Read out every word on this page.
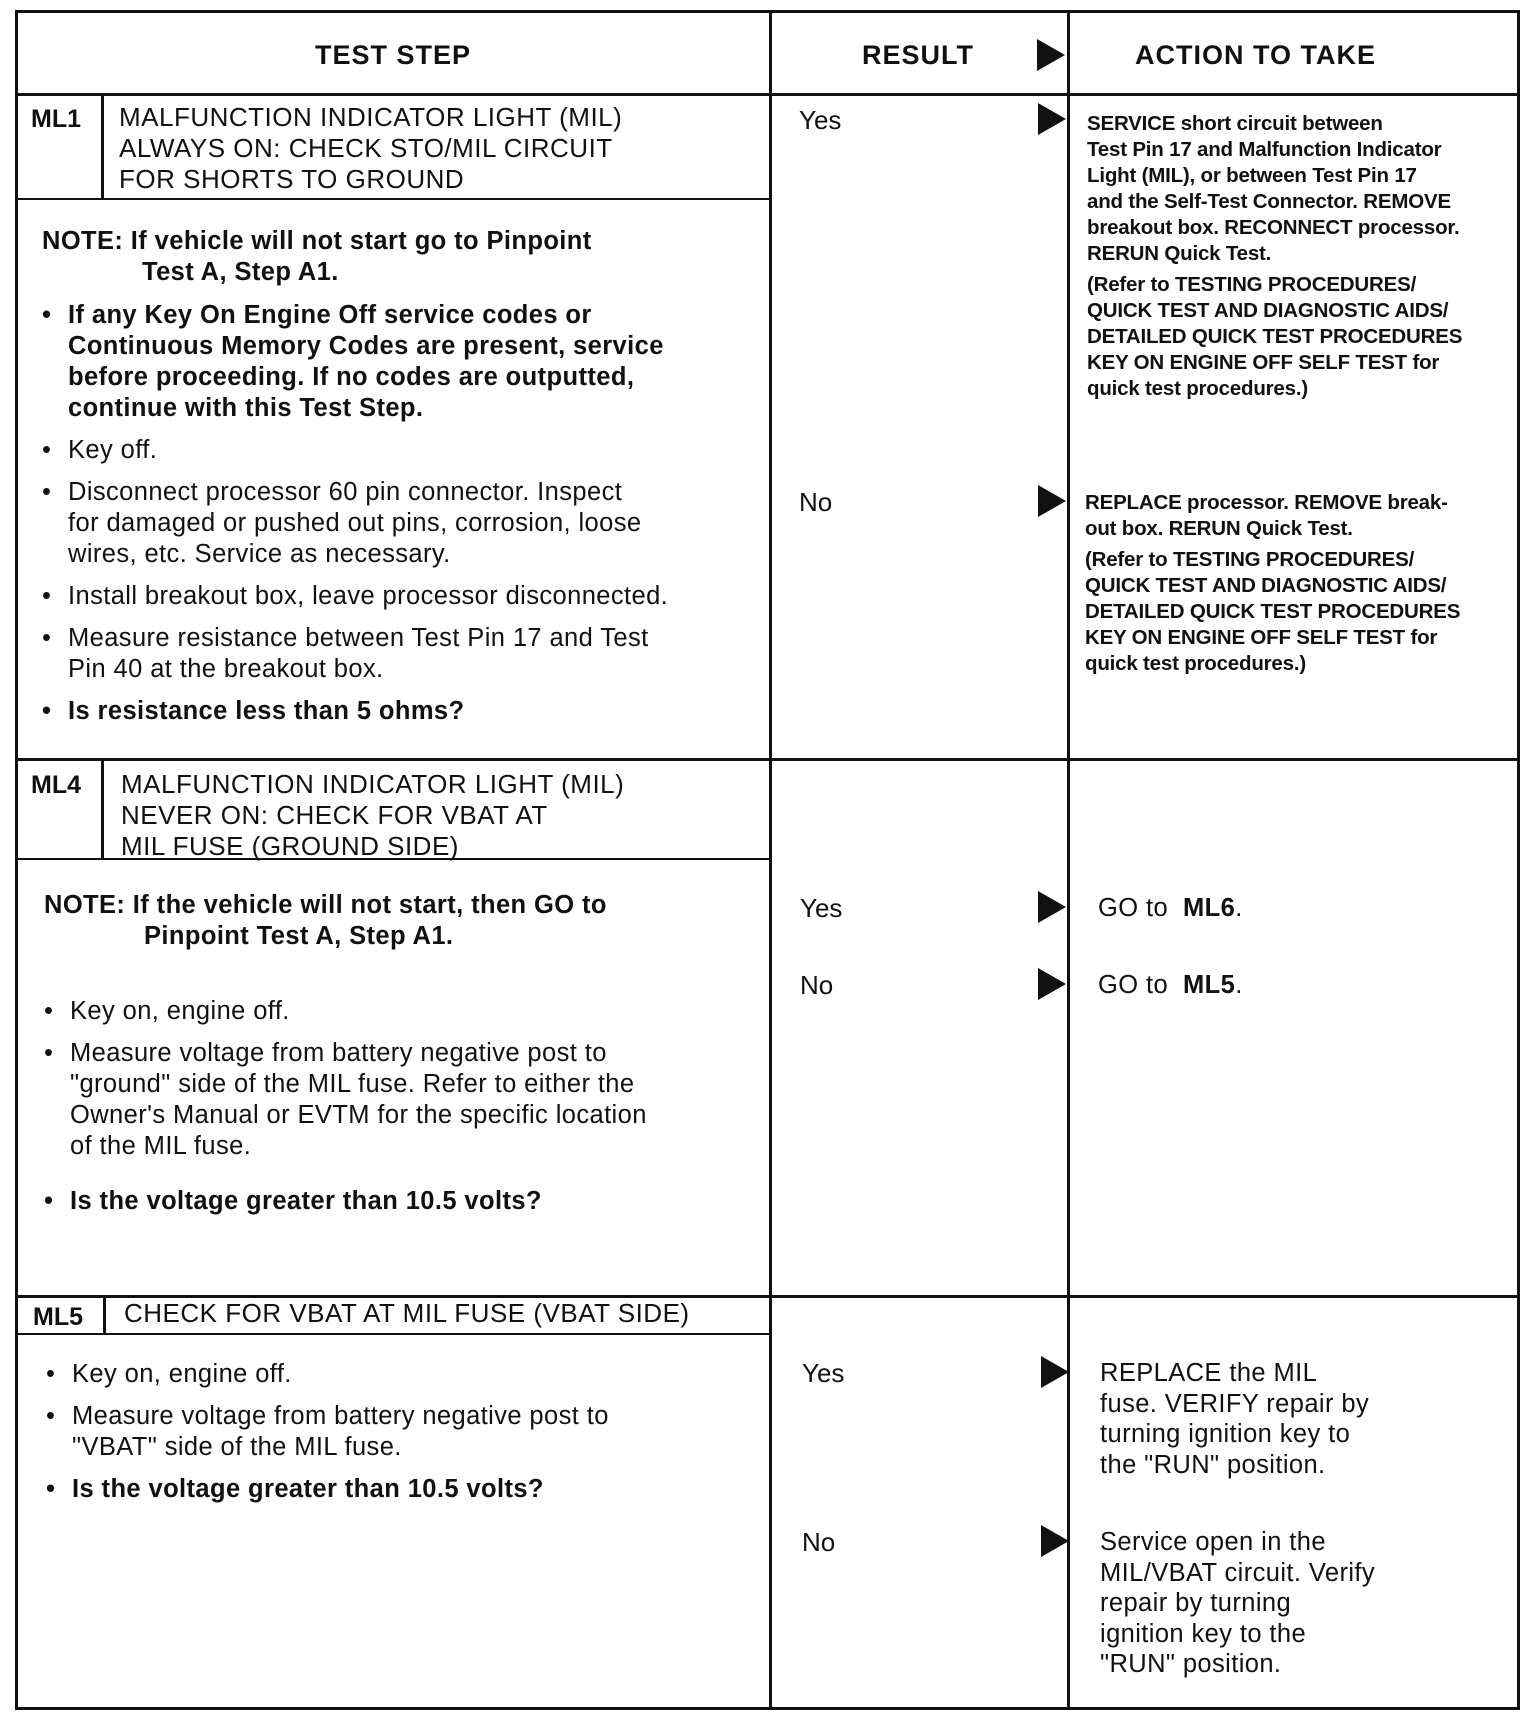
TEST STEP	RESULT	ACTION TO TAKE
ML1 MALFUNCTION INDICATOR LIGHT (MIL)
ALWAYS ON: CHECK STO/MIL CIRCUIT
FOR SHORTS TO GROUND
NOTE: If vehicle will not start go to Pinpoint
Test A, Step A1.
• If any Key On Engine Off service codes or
Continuous Memory Codes are present, service
before proceeding. If no codes are outputted,
continue with this Test Step.
• Key off.
• Disconnect processor 60 pin connector. Inspect
for damaged or pushed out pins, corrosion, loose
wires, etc. Service as necessary.
• Install breakout box, leave processor disconnected.
• Measure resistance between Test Pin 17 and Test
Pin 40 at the breakout box.
• Is resistance less than 5 ohms?
Yes	SERVICE short circuit between
Test Pin 17 and Malfunction Indicator
Light (MIL), or between Test Pin 17
and the Self-Test Connector. REMOVE
breakout box. RECONNECT processor.
RERUN Quick Test.
(Refer to TESTING PROCEDURES/
QUICK TEST AND DIAGNOSTIC AIDS/
DETAILED QUICK TEST PROCEDURES
KEY ON ENGINE OFF SELF TEST for
quick test procedures.)
No	REPLACE processor. REMOVE break-
out box. RERUN Quick Test.
(Refer to TESTING PROCEDURES/
QUICK TEST AND DIAGNOSTIC AIDS/
DETAILED QUICK TEST PROCEDURES
KEY ON ENGINE OFF SELF TEST for
quick test procedures.)
ML4 MALFUNCTION INDICATOR LIGHT (MIL)
NEVER ON: CHECK FOR VBAT AT
MIL FUSE (GROUND SIDE)
NOTE: If the vehicle will not start, then GO to
Pinpoint Test A, Step A1.
• Key on, engine off.
• Measure voltage from battery negative post to
"ground" side of the MIL fuse. Refer to either the
Owner's Manual or EVTM for the specific location
of the MIL fuse.
• Is the voltage greater than 10.5 volts?
Yes	GO to ML6.
No	GO to ML5.
ML5 CHECK FOR VBAT AT MIL FUSE (VBAT SIDE)
• Key on, engine off.
• Measure voltage from battery negative post to
"VBAT" side of the MIL fuse.
• Is the voltage greater than 10.5 volts?
Yes	REPLACE the MIL
fuse. VERIFY repair by
turning ignition key to
the "RUN" position.
No	Service open in the
MIL/VBAT circuit. Verify
repair by turning
ignition key to the
"RUN" position.
